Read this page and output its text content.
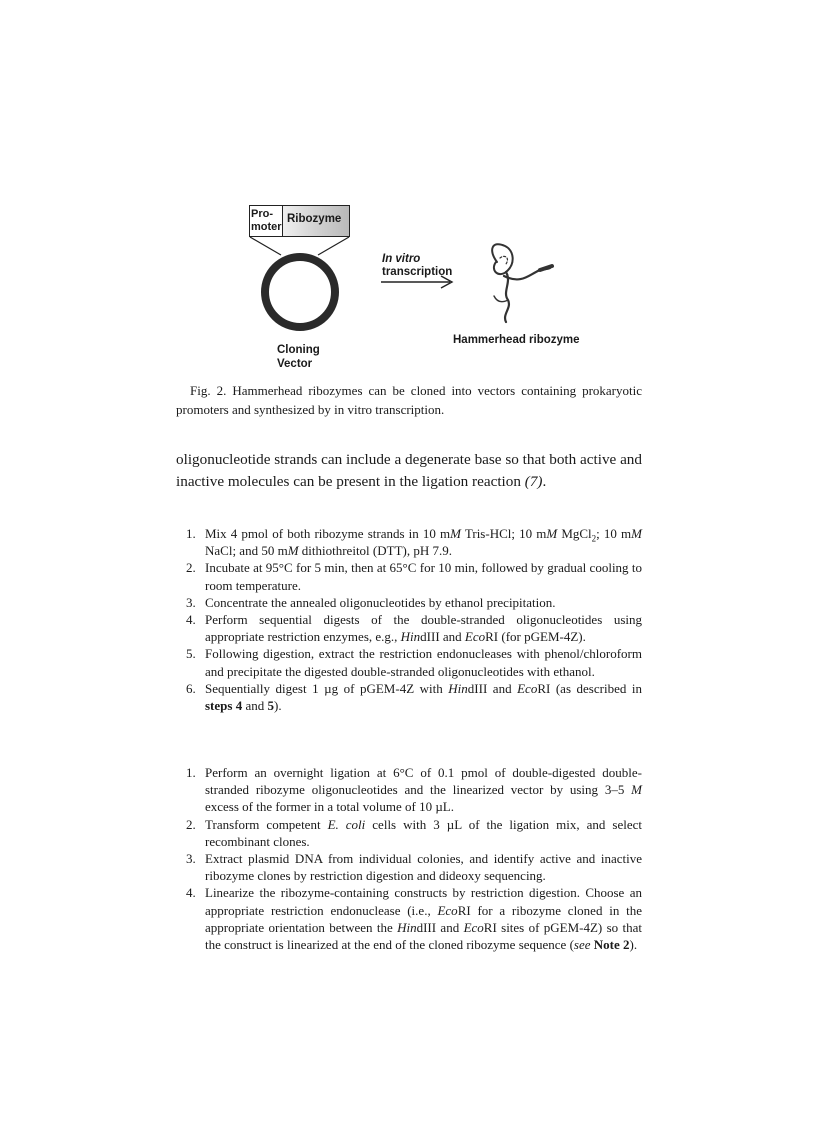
Pro-
moter
Ribozyme
In vitro
transcription
Cloning
Vector
Hammerhead ribozyme

Fig. 2. Hammerhead ribozymes can be cloned into vectors containing prokaryotic promoters and synthesized by in vitro transcription.

oligonucleotide strands can include a degenerate base so that both active and inactive molecules can be present in the ligation reaction (7).

1. Mix 4 pmol of both ribozyme strands in 10 mM Tris-HCl; 10 mM MgCl$_2$; 10 mM NaCl; and 50 mM dithiothreitol (DTT), pH 7.9.
2. Incubate at 95°C for 5 min, then at 65°C for 10 min, followed by gradual cooling to room temperature.
3. Concentrate the annealed oligonucleotides by ethanol precipitation.
4. Perform sequential digests of the double-stranded oligonucleotides using appropriate restriction enzymes, e.g., HindIII and EcoRI (for pGEM-4Z).
5. Following digestion, extract the restriction endonucleases with phenol/chloroform and precipitate the digested double-stranded oligonucleotides with ethanol.
6. Sequentially digest 1 µg of pGEM-4Z with HindIII and EcoRI (as described in steps 4 and 5).
1. Perform an overnight ligation at 6°C of 0.1 pmol of double-digested double-stranded ribozyme oligonucleotides and the linearized vector by using 3–5 M excess of the former in a total volume of 10 µL.
2. Transform competent E. coli cells with 3 µL of the ligation mix, and select recombinant clones.
3. Extract plasmid DNA from individual colonies, and identify active and inactive ribozyme clones by restriction digestion and dideoxy sequencing.
4. Linearize the ribozyme-containing constructs by restriction digestion. Choose an appropriate restriction endonuclease (i.e., EcoRI for a ribozyme cloned in the appropriate orientation between the HindIII and EcoRI sites of pGEM-4Z) so that the construct is linearized at the end of the cloned ribozyme sequence (see Note 2).
